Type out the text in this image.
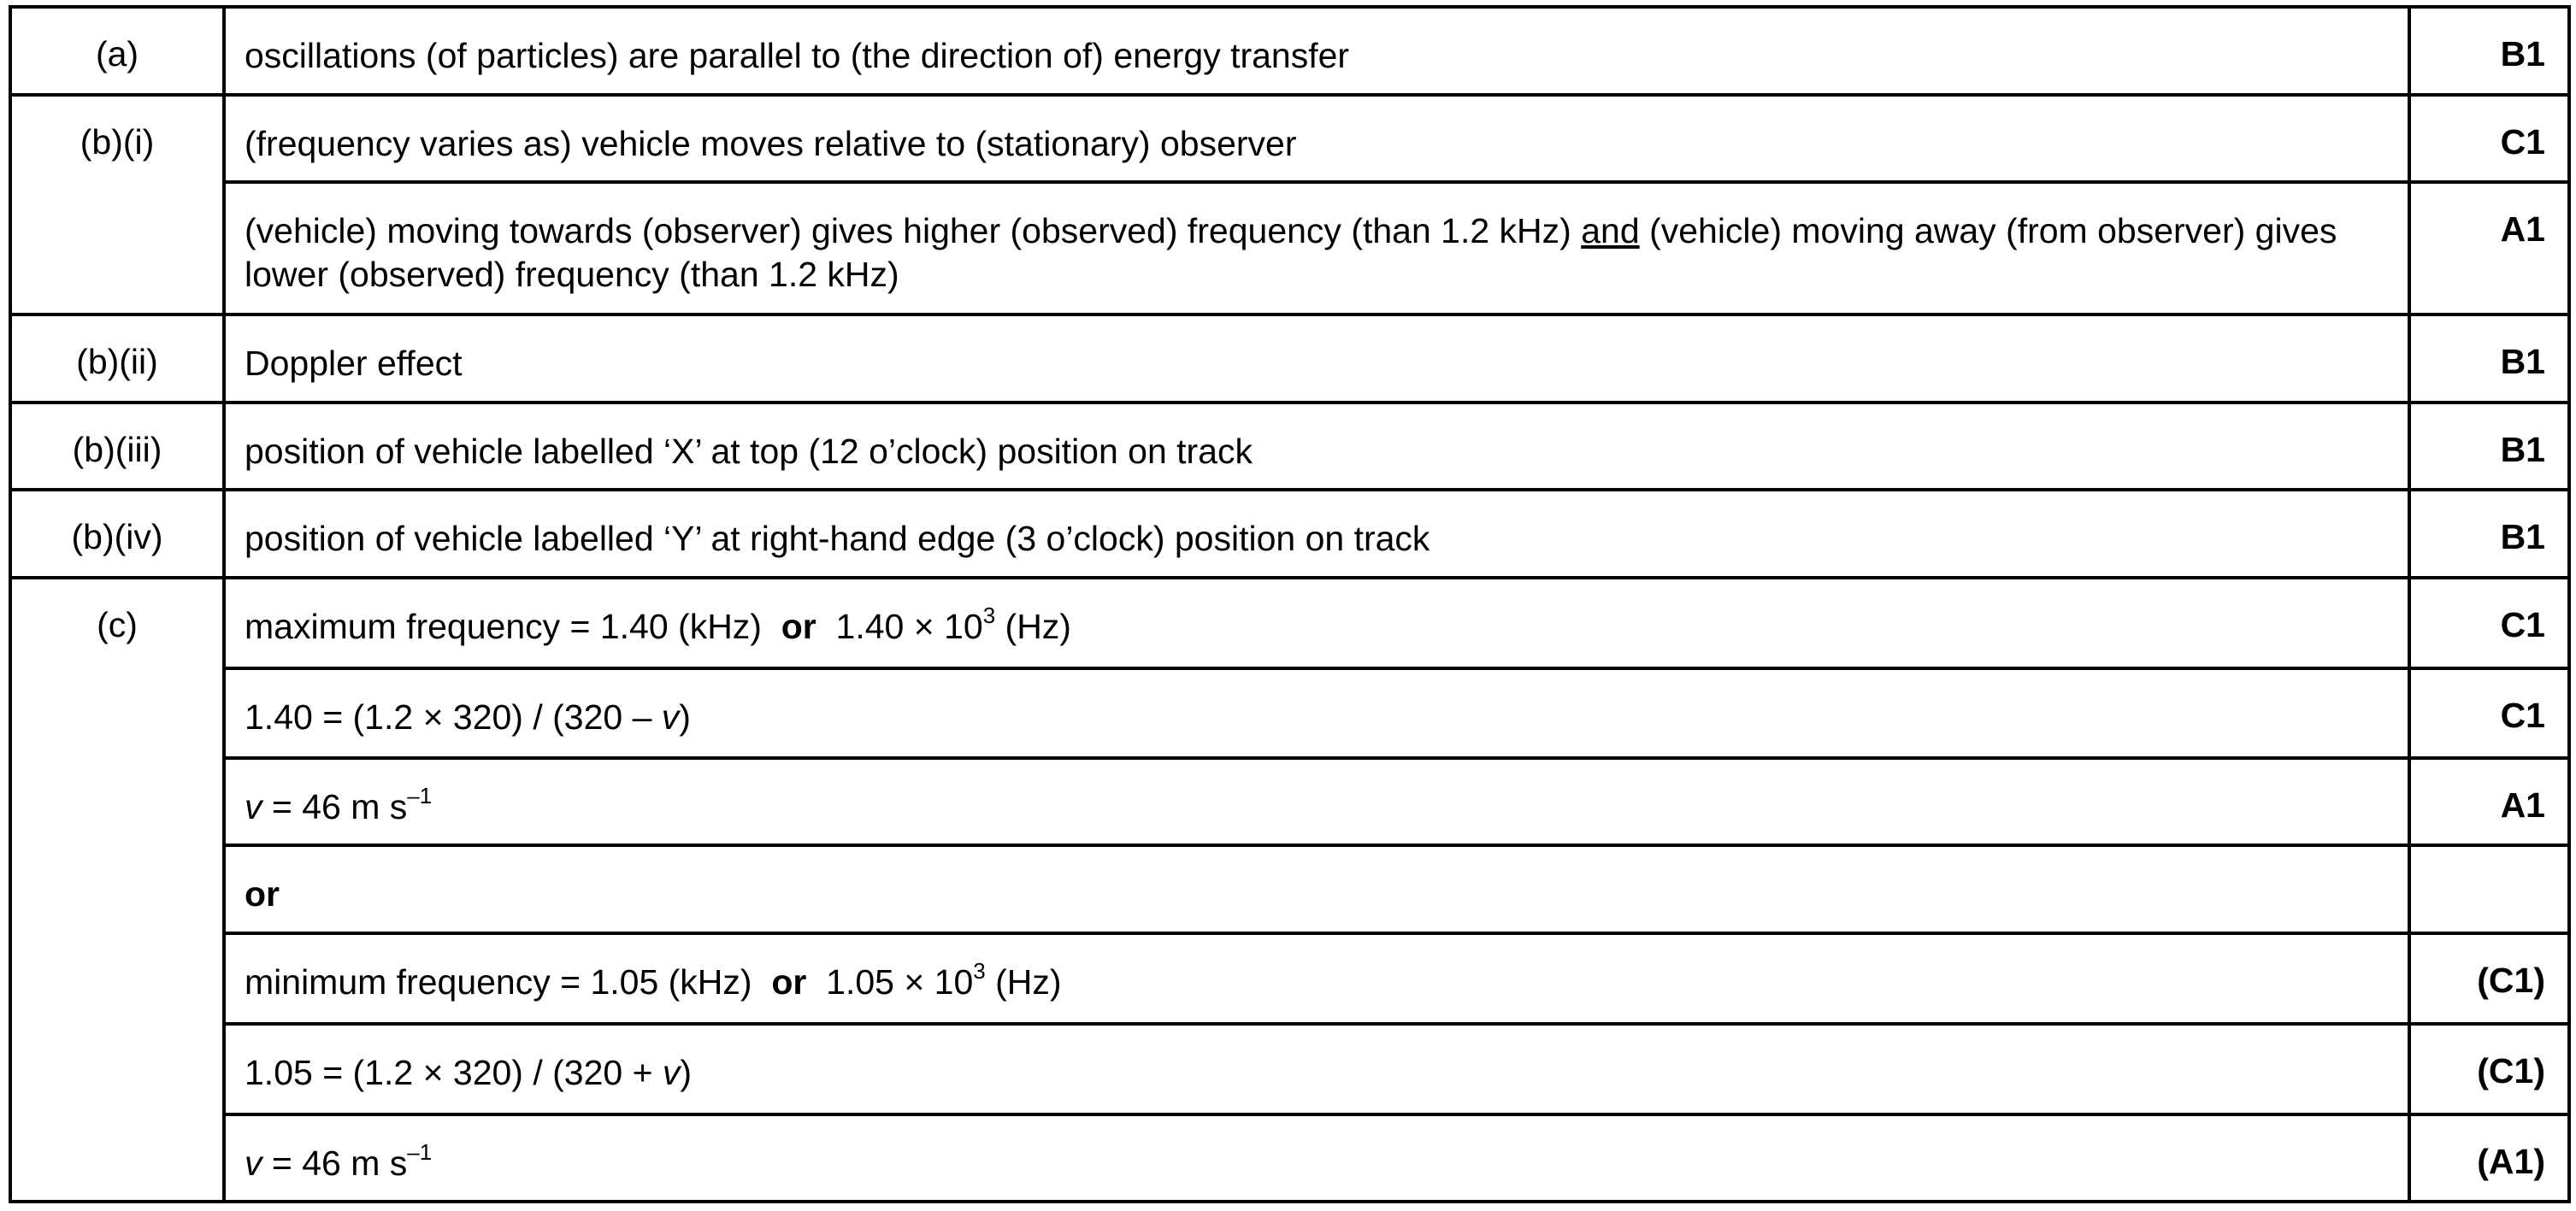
(a)	oscillations (of particles) are parallel to (the direction of) energy transfer	B1
(b)(i)	(frequency varies as) vehicle moves relative to (stationary) observer	C1
	(vehicle) moving towards (observer) gives higher (observed) frequency (than 1.2 kHz) and (vehicle) moving away (from observer) gives lower (observed) frequency (than 1.2 kHz)	A1
(b)(ii)	Doppler effect	B1
(b)(iii)	position of vehicle labelled ‘X’ at top (12 o’clock) position on track	B1
(b)(iv)	position of vehicle labelled ‘Y’ at right-hand edge (3 o’clock) position on track	B1
(c)	maximum frequency = 1.40 (kHz) or $1.40 \times 10^3$ (Hz)	C1
	1.40 = (1.2 × 320) / (320 – v)	C1
	v = 46 m $s^{-1}$	A1
	or	
	minimum frequency = 1.05 (kHz) or $1.05 \times 10^3$ (Hz)	(C1)
	1.05 = (1.2 × 320) / (320 + v)	(C1)
	v = 46 m $s^{-1}$	(A1)
